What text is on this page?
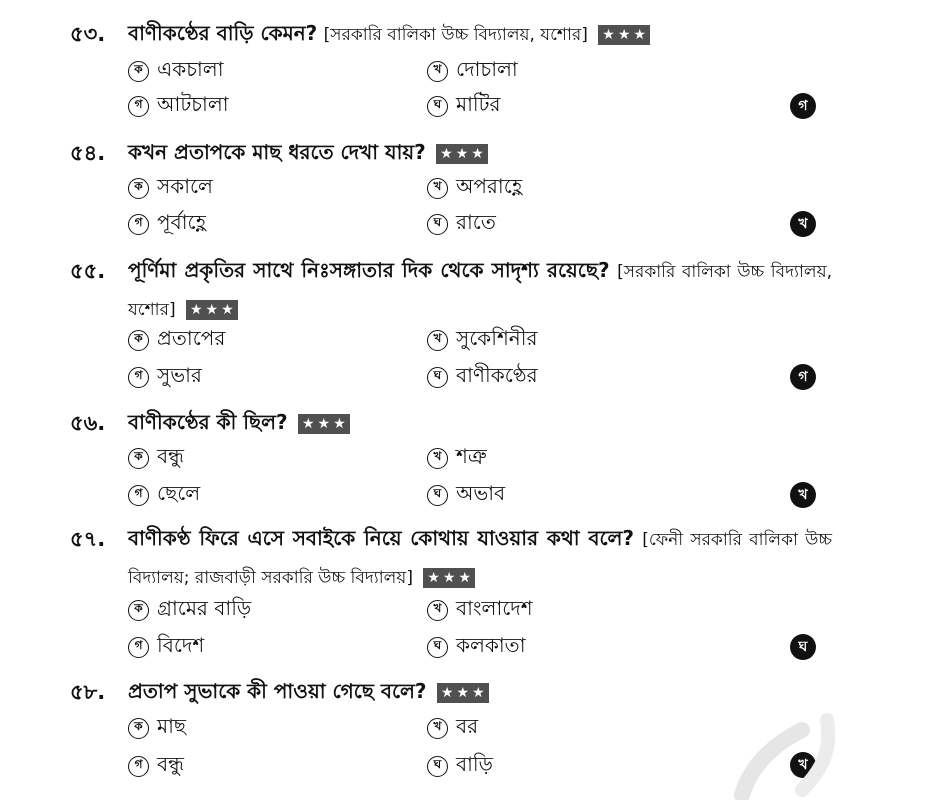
৫৩. বাণীকণ্ঠের বাড়ি কেমন? [সরকারি বালিকা উচ্চ বিদ্যালয়, যশোর] ★ ★ ★
ক একচালা	খ দোচালা
গ আটচালা	ঘ মাটির	গ
৫৪. কখন প্রতাপকে মাছ ধরতে দেখা যায়? ★ ★ ★
ক সকালে	খ অপরাহ্ণে
গ পূর্বাহ্ণে	ঘ রাতে	খ
৫৫. পূর্ণিমা প্রকৃতির সাথে নিঃসঙ্গাতার দিক থেকে সাদৃশ্য রয়েছে? [সরকারি বালিকা উচ্চ বিদ্যালয়, যশোর] ★ ★ ★
ক প্রতাপের	খ সুকেশিনীর
গ সুভার	ঘ বাণীকণ্ঠের	গ
৫৬. বাণীকণ্ঠের কী ছিল? ★ ★ ★
ক বন্ধু	খ শত্রু
গ ছেলে	ঘ অভাব	খ
৫৭. বাণীকণ্ঠ ফিরে এসে সবাইকে নিয়ে কোথায় যাওয়ার কথা বলে? [ফেনী সরকারি বালিকা উচ্চ বিদ্যালয়; রাজবাড়ী সরকারি উচ্চ বিদ্যালয়] ★ ★ ★
ক গ্রামের বাড়ি	খ বাংলাদেশ
গ বিদেশ	ঘ কলকাতা	ঘ
৫৮. প্রতাপ সুভাকে কী পাওয়া গেছে বলে? ★ ★ ★
ক মাছ	খ বর
গ বন্ধু	ঘ বাড়ি	খ
